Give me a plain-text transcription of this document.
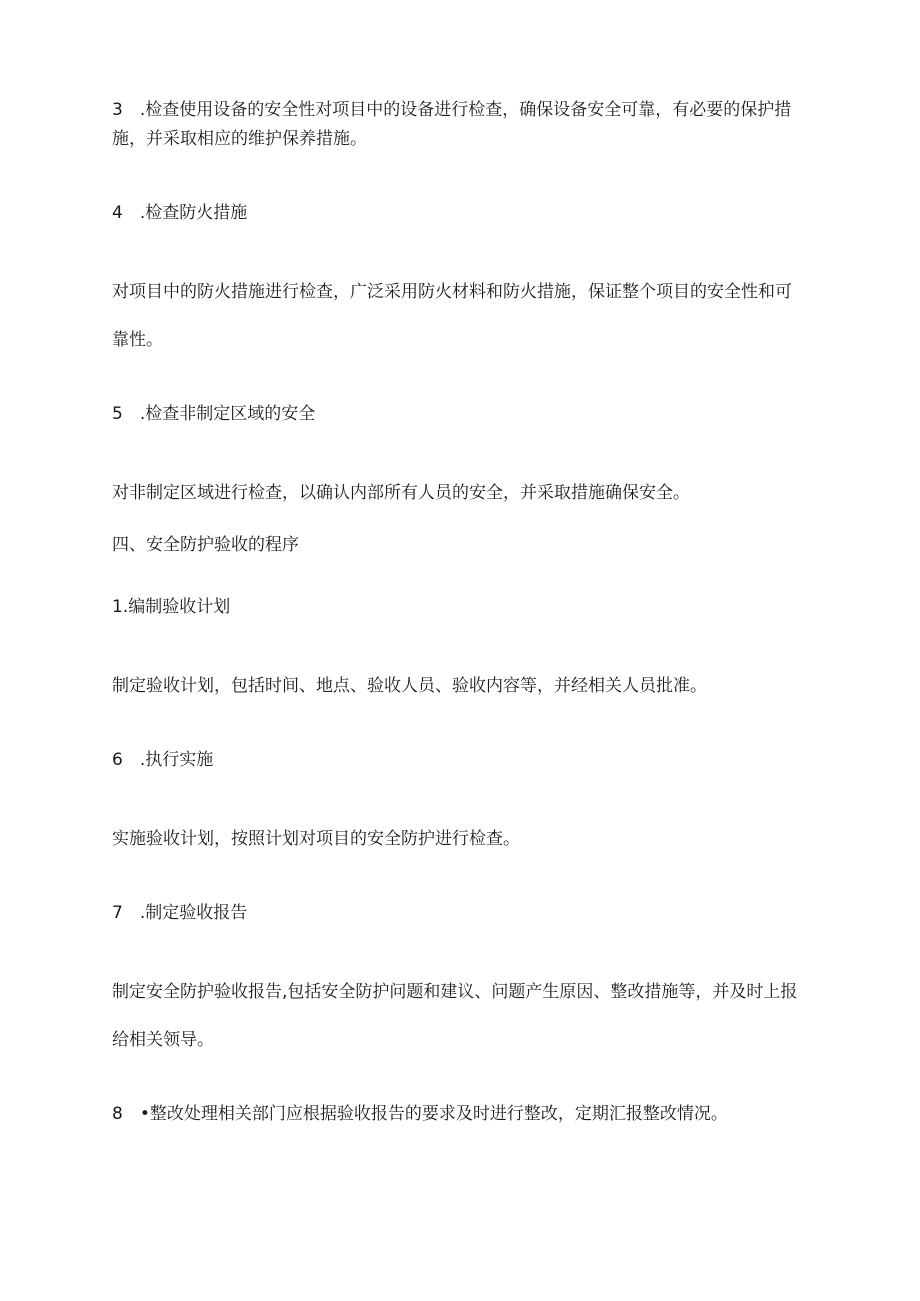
3　.检查使用设备的安全性对项目中的设备进行检查，确保设备安全可靠，有必要的保护措
施，并采取相应的维护保养措施。
4　.检查防火措施
对项目中的防火措施进行检查，广泛采用防火材料和防火措施，保证整个项目的安全性和可
靠性。
5　.检查非制定区域的安全
对非制定区域进行检查，以确认内部所有人员的安全，并采取措施确保安全。
四、安全防护验收的程序
1.编制验收计划
制定验收计划，包括时间、地点、验收人员、验收内容等，并经相关人员批准。
6　.执行实施
实施验收计划，按照计划对项目的安全防护进行检查。
7　.制定验收报告
制定安全防护验收报告,包括安全防护问题和建议、问题产生原因、整改措施等，并及时上报
给相关领导。
8　•整改处理相关部门应根据验收报告的要求及时进行整改，定期汇报整改情况。
